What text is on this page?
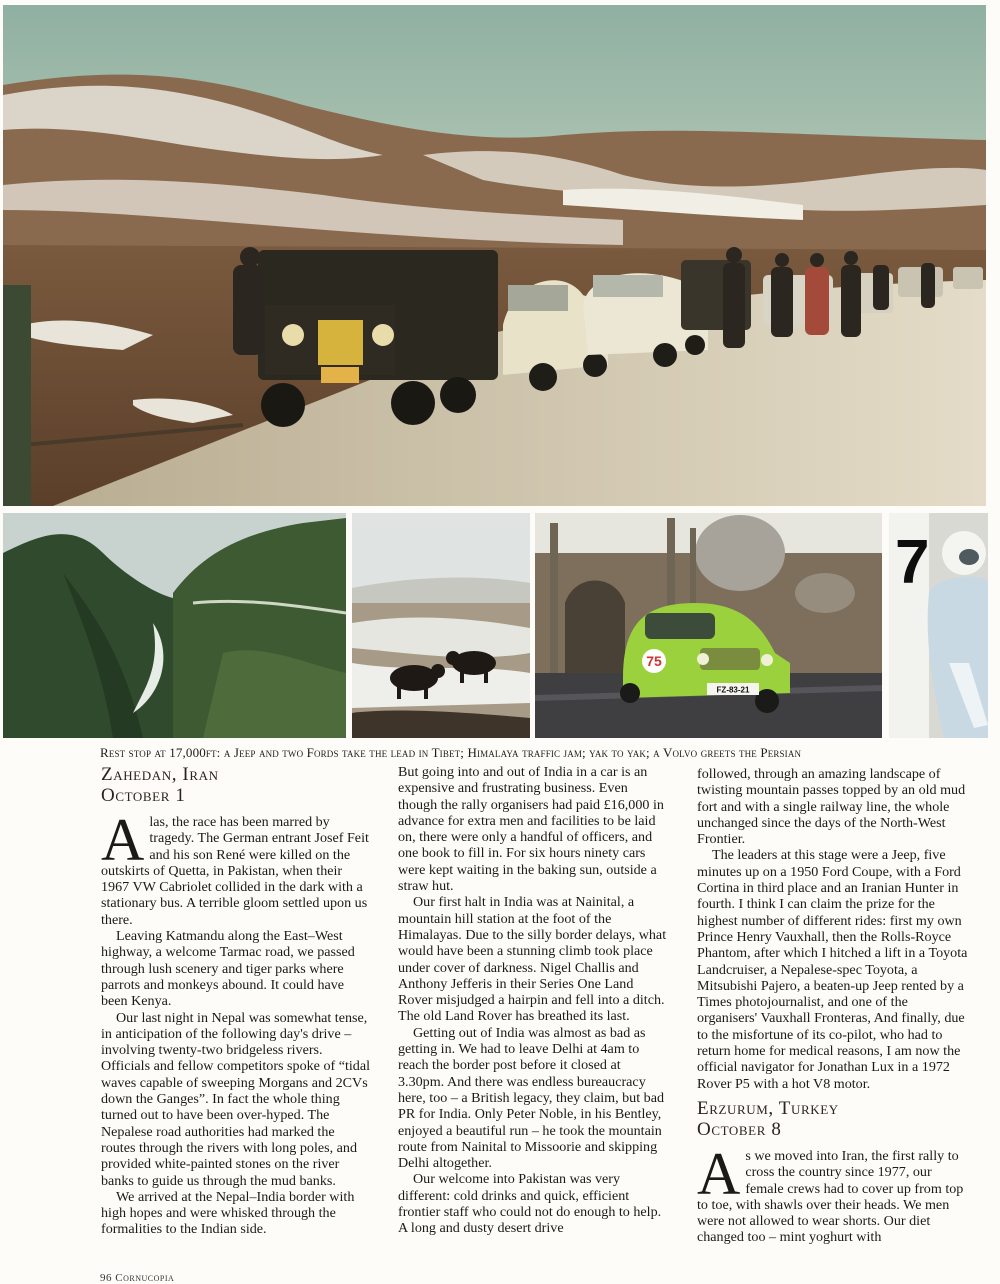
FZ-83-21
75
7
Rest stop at 17,000ft: a Jeep and two Fords take the lead in Tibet; Himalaya traffic jam; yak to yak; a Volvo greets the Persian
Zahedan, Iran
October 1

Alas, the race has been marred by tragedy. The German entrant Josef Feit and his son René were killed on the outskirts of Quetta, in Pakistan, when their 1967 VW Cabriolet collided in the dark with a stationary bus. A terrible gloom settled upon us there.

Leaving Katmandu along the East–West highway, a welcome Tarmac road, we passed through lush scenery and tiger parks where parrots and monkeys abound. It could have been Kenya.

Our last night in Nepal was somewhat tense, in anticipation of the following day's drive – involving twenty-two bridgeless rivers. Officials and fellow competitors spoke of “tidal waves capable of sweeping Morgans and 2CVs down the Ganges”. In fact the whole thing turned out to have been over-hyped. The Nepalese road authorities had marked the routes through the rivers with long poles, and provided white-painted stones on the river banks to guide us through the mud banks.

We arrived at the Nepal–India border with high hopes and were whisked through the formalities to the Indian side.

But going into and out of India in a car is an expensive and frustrating business. Even though the rally organisers had paid £16,000 in advance for extra men and facilities to be laid on, there were only a handful of officers, and one book to fill in. For six hours ninety cars were kept waiting in the baking sun, outside a straw hut.

Our first halt in India was at Nainital, a mountain hill station at the foot of the Himalayas. Due to the silly border delays, what would have been a stunning climb took place under cover of darkness. Nigel Challis and Anthony Jefferis in their Series One Land Rover misjudged a hairpin and fell into a ditch. The old Land Rover has breathed its last.

Getting out of India was almost as bad as getting in. We had to leave Delhi at 4am to reach the border post before it closed at 3.30pm. And there was endless bureaucracy here, too – a British legacy, they claim, but bad PR for India. Only Peter Noble, in his Bentley, enjoyed a beautiful run – he took the mountain route from Nainital to Missoorie and skipping Delhi altogether.

Our welcome into Pakistan was very different: cold drinks and quick, efficient frontier staff who could not do enough to help. A long and dusty desert drive

followed, through an amazing landscape of twisting mountain passes topped by an old mud fort and with a single railway line, the whole unchanged since the days of the North-West Frontier.

The leaders at this stage were a Jeep, five minutes up on a 1950 Ford Coupe, with a Ford Cortina in third place and an Iranian Hunter in fourth. I think I can claim the prize for the highest number of different rides: first my own Prince Henry Vauxhall, then the Rolls-Royce Phantom, after which I hitched a lift in a Toyota Landcruiser, a Nepalese-spec Toyota, a Mitsubishi Pajero, a beaten-up Jeep rented by a Times photojournalist, and one of the organisers' Vauxhall Fronteras, And finally, due to the misfortune of its co-pilot, who had to return home for medical reasons, I am now the official navigator for Jonathan Lux in a 1972 Rover P5 with a hot V8 motor.

Erzurum, Turkey
October 8

As we moved into Iran, the first rally to cross the country since 1977, our female crews had to cover up from top to toe, with shawls over their heads. We men were not allowed to wear shorts. Our diet changed too – mint yoghurt with

96 Cornucopia
